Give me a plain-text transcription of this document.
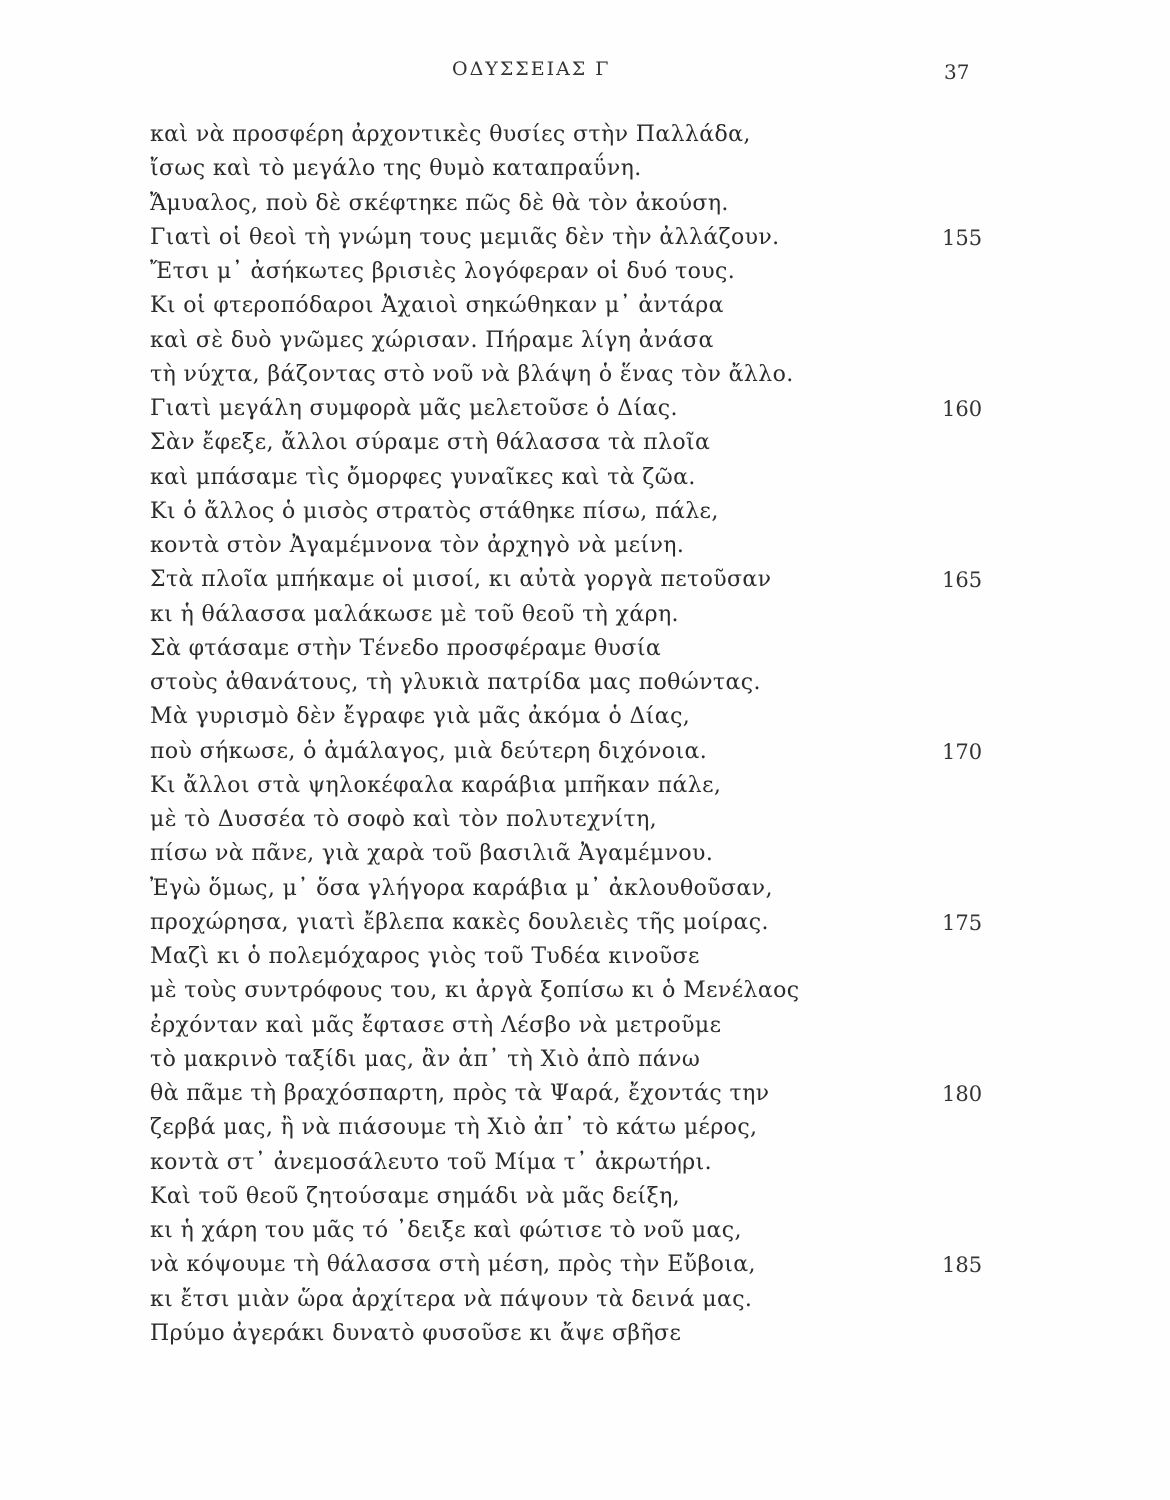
ΟΔΥΣΣΕΙΑΣ Γ	37
καὶ νὰ προσφέρη ἀρχοντικὲς θυσίες στὴν Παλλάδα,
ἴσως καὶ τὸ μεγάλο της θυμὸ καταπραΰνη.
Ἄμυαλος, ποὺ δὲ σκέφτηκε πῶς δὲ θὰ τὸν ἀκούση.
Γιατὶ οἱ θεοὶ τὴ γνώμη τους μεμιᾶς δὲν τὴν ἀλλάζουν.	155
Ἔτσι μ᾿ ἀσήκωτες βρισιὲς λογόφεραν οἱ δυό τους.
Κι οἱ φτεροπόδαροι Ἀχαιοὶ σηκώθηκαν μ᾿ ἀντάρα
καὶ σὲ δυὸ γνῶμες χώρισαν. Πήραμε λίγη ἀνάσα
τὴ νύχτα, βάζοντας στὸ νοῦ νὰ βλάψη ὁ ἕνας τὸν ἄλλο.
Γιατὶ μεγάλη συμφορὰ μᾶς μελετοῦσε ὁ Δίας.	160
Σὰν ἔφεξε, ἄλλοι σύραμε στὴ θάλασσα τὰ πλοῖα
καὶ μπάσαμε τὶς ὄμορφες γυναῖκες καὶ τὰ ζῶα.
Κι ὁ ἄλλος ὁ μισὸς στρατὸς στάθηκε πίσω, πάλε,
κοντὰ στὸν Ἀγαμέμνονα τὸν ἀρχηγὸ νὰ μείνη.
Στὰ πλοῖα μπήκαμε οἱ μισοί, κι αὐτὰ γοργὰ πετοῦσαν	165
κι ἡ θάλασσα μαλάκωσε μὲ τοῦ θεοῦ τὴ χάρη.
Σὰ φτάσαμε στὴν Τένεδο προσφέραμε θυσία
στοὺς ἀθανάτους, τὴ γλυκιὰ πατρίδα μας ποθώντας.
Μὰ γυρισμὸ δὲν ἔγραφε γιὰ μᾶς ἀκόμα ὁ Δίας,
ποὺ σήκωσε, ὁ ἀμάλαγος, μιὰ δεύτερη διχόνοια.	170
Κι ἄλλοι στὰ ψηλοκέφαλα καράβια μπῆκαν πάλε,
μὲ τὸ Δυσσέα τὸ σοφὸ καὶ τὸν πολυτεχνίτη,
πίσω νὰ πᾶνε, γιὰ χαρὰ τοῦ βασιλιᾶ Ἀγαμέμνου.
Ἐγὼ ὅμως, μ᾿ ὅσα γλήγορα καράβια μ᾿ ἀκλουθοῦσαν,
προχώρησα, γιατὶ ἔβλεπα κακὲς δουλειὲς τῆς μοίρας.	175
Μαζὶ κι ὁ πολεμόχαρος γιὸς τοῦ Τυδέα κινοῦσε
μὲ τοὺς συντρόφους του, κι ἀργὰ ξοπίσω κι ὁ Μενέλαος
ἐρχόνταν καὶ μᾶς ἔφτασε στὴ Λέσβο νὰ μετροῦμε
τὸ μακρινὸ ταξίδι μας, ἂν ἀπ᾿ τὴ Χιὸ ἀπὸ πάνω
θὰ πᾶμε τὴ βραχόσπαρτη, πρὸς τὰ Ψαρά, ἔχοντάς την	180
ζερβά μας, ἢ νὰ πιάσουμε τὴ Χιὸ ἀπ᾿ τὸ κάτω μέρος,
κοντὰ στ᾿ ἀνεμοσάλευτο τοῦ Μίμα τ᾿ ἀκρωτήρι.
Καὶ τοῦ θεοῦ ζητούσαμε σημάδι νὰ μᾶς δείξη,
κι ἡ χάρη του μᾶς τό ᾿δειξε καὶ φώτισε τὸ νοῦ μας,
νὰ κόψουμε τὴ θάλασσα στὴ μέση, πρὸς τὴν Εὔβοια,	185
κι ἔτσι μιὰν ὥρα ἀρχίτερα νὰ πάψουν τὰ δεινά μας.
Πρύμο ἀγεράκι δυνατὸ φυσοῦσε κι ἄψε σβῆσε
